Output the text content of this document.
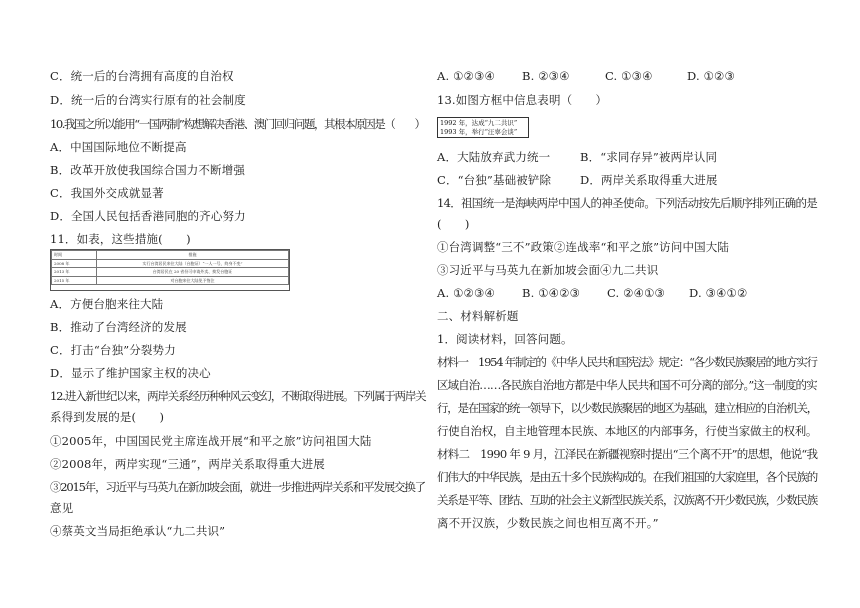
C．统一后的台湾拥有高度的自治权
D．统一后的台湾实行原有的社会制度
10.我国之所以能用“一国两制”构想解决香港、澳门回归问题，其根本原因是（　　）
A．中国国际地位不断提高
B．改革开放使我国综合国力不断增强
C．我国外交成就显著
D．全国人民包括香港同胞的齐心努力
11．如表，这些措施(　　)
时间	措施
2008 年	实行台湾居民来往大陆（台胞证）“一人一号，终身不变”
2013 年	台湾居民在 20 省份可申请外卖、换发台胞证
2015 年	对台胞来往大陆免予签注
A．方便台胞来往大陆
B．推动了台湾经济的发展
C．打击“台独”分裂势力
D．显示了维护国家主权的决心
12.进入新世纪以来，两岸关系经历种种风云变幻，不断取得进展。下列属于两岸关
系得到发展的是(　　)
①2005年，中国国民党主席连战开展“和平之旅”访问祖国大陆
②2008年，两岸实现“三通”，两岸关系取得重大进展
③2015年，习近平与马英九在新加坡会面，就进一步推进两岸关系和平发展交换了
意见
④蔡英文当局拒绝承认“九二共识”
A. ①②③④ B. ②③④	C. ①③④	D. ①②③
13.如图方框中信息表明（　　）
1992 年，达成“九二共识”
1993 年，举行“汪辜会谈”
A．大陆放弃武力统一	B．“求同存异”被两岸认同
C．“台独”基础被铲除	D．两岸关系取得重大进展
14．祖国统一是海峡两岸中国人的神圣使命。下列活动按先后顺序排列正确的是
(　　)
①台湾调整“三不”政策②连战率“和平之旅”访问中国大陆
③习近平与马英九在新加坡会面④九二共识
A. ①②③④ B. ①④②③ C. ②④①③ D. ③④①②
二、材料解析题
1．阅读材料，回答问题。
材料一　1954 年制定的《中华人民共和国宪法》规定：“各少数民族聚居的地方实行
区域自治……各民族自治地方都是中华人民共和国不可分离的部分。”这一制度的实
行，是在国家的统一领导下，以少数民族聚居的地区为基础，建立相应的自治机关，
行使自治权，自主地管理本民族、本地区的内部事务，行使当家做主的权利。
材料二　1990 年 9 月，江泽民在新疆视察时提出“三个离不开”的思想，他说“我
们伟大的中华民族，是由五十多个民族构成的。在我们祖国的大家庭里，各个民族的
关系是平等、团结、互助的社会主义新型民族关系，汉族离不开少数民族，少数民族
离不开汉族，少数民族之间也相互离不开。”
